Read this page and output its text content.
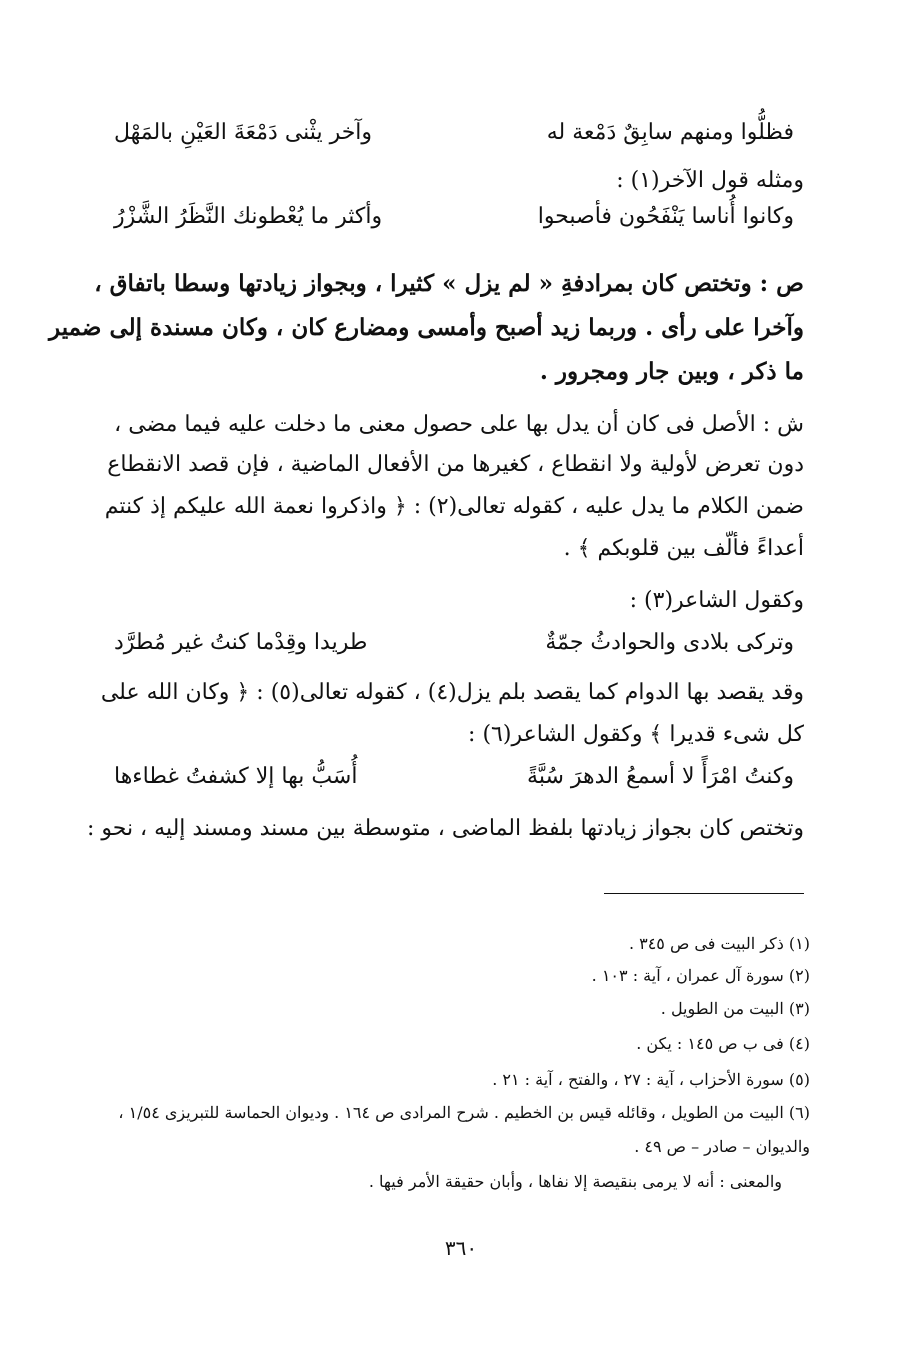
فظلُّوا ومنهم سابِقٌ دَمْعة له
وآخر يثْنى دَمْعَةَ العَيْنِ بالمَهْل
ومثله قول الآخر(١) :
وكانوا أُناسا يَنْفَحُون فأصبحوا
وأكثر ما يُعْطونك النَّظَرُ الشَّزْرُ
ص : وتختص كان بمرادفةِ « لم يزل » كثيرا ، وبجواز زيادتها وسطا باتفاق ،
وآخرا على رأى . وربما زيد أصبح وأمسى ومضارع كان ، وكان مسندة إلى ضمير
ما ذكر ، وبين جار ومجرور .
ش : الأصل فى كان أن يدل بها على حصول معنى ما دخلت عليه فيما مضى ،
دون تعرض لأولية ولا انقطاع ، كغيرها من الأفعال الماضية ، فإن قصد الانقطاع
ضمن الكلام ما يدل عليه ، كقوله تعالى(٢) : ﴿ واذكروا نعمة الله عليكم إذ كنتم
أعداءً فألّف بين قلوبكم ﴾ .
وكقول الشاعر(٣) :
وتركى بلادى والحوادثُ جمّةٌ
طريدا وقِدْما كنتُ غير مُطرَّد
وقد يقصد بها الدوام كما يقصد بلم يزل(٤) ، كقوله تعالى(٥) : ﴿ وكان الله على
كل شىء قديرا ﴾ وكقول الشاعر(٦) :
وكنتُ امْرَأً لا أسمعُ الدهرَ سُبَّةً
أُسَبُّ بها إلا كشفتُ غطاءها
وتختص كان بجواز زيادتها بلفظ الماضى ، متوسطة بين مسند ومسند إليه ، نحو :
(١) ذكر البيت فى ص ٣٤٥ .
(٢) سورة آل عمران ، آية : ١٠٣ .
(٣) البيت من الطويل .
(٤) فى ب ص ١٤٥ : يكن .
(٥) سورة الأحزاب ، آية : ٢٧ ، والفتح ، آية : ٢١ .
(٦) البيت من الطويل ، وقائله قيس بن الخطيم . شرح المرادى ص ١٦٤ . وديوان الحماسة للتبريزى ١/٥٤ ،
والديوان – صادر – ص ٤٩ .
والمعنى : أنه لا يرمى بنقيصة إلا نفاها ، وأبان حقيقة الأمر فيها .
٣٦٠
